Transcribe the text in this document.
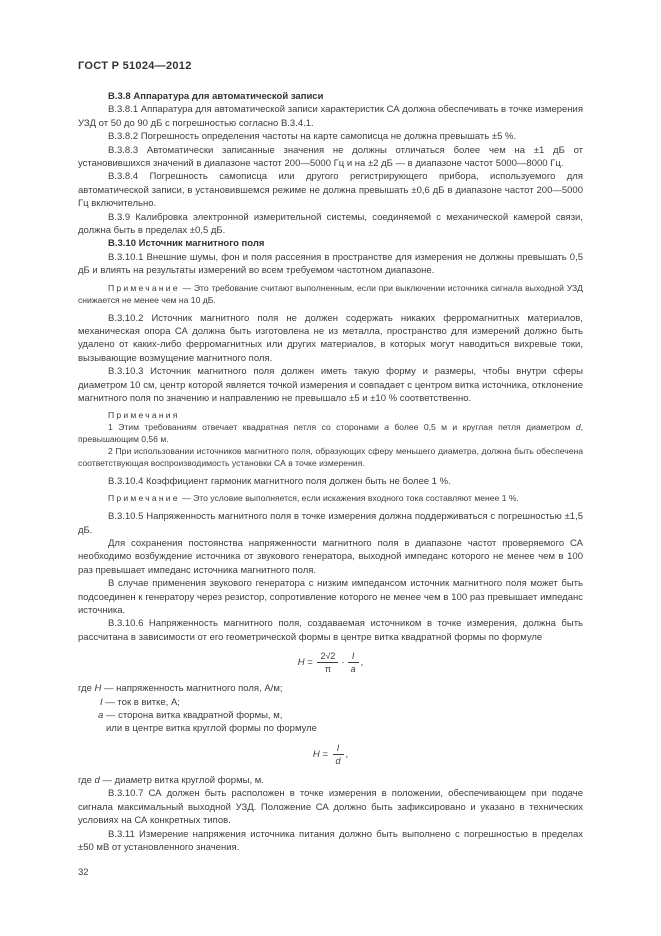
ГОСТ Р 51024—2012

В.3.8 Аппаратура для автоматической записи

В.3.8.1 Аппаратура для автоматической записи характеристик СА должна обеспечивать в точке измерения УЗД от 50 до 90 дБ с погрешностью согласно В.3.4.1.

В.3.8.2 Погрешность определения частоты на карте самописца не должна превышать ±5 %.

В.3.8.3 Автоматически записанные значения не должны отличаться более чем на ±1 дБ от установившихся значений в диапазоне частот 200—5000 Гц и на ±2 дБ — в диапазоне частот 5000—8000 Гц.

В.3.8.4 Погрешность самописца или другого регистрирующего прибора, используемого для автоматической записи, в установившемся режиме не должна превышать ±0,6 дБ в диапазоне частот 200—5000 Гц включительно.

В.3.9 Калибровка электронной измерительной системы, соединяемой с механической камерой связи, должна быть в пределах ±0,5 дБ.

В.3.10 Источник магнитного поля

В.3.10.1 Внешние шумы, фон и поля рассеяния в пространстве для измерения не должны превышать 0,5 дБ и влиять на результаты измерений во всем требуемом частотном диапазоне.

Примечание — Это требование считают выполненным, если при выключении источника сигнала выходной УЗД снижается не менее чем на 10 дБ.

В.3.10.2 Источник магнитного поля не должен содержать никаких ферромагнитных материалов, механическая опора СА должна быть изготовлена не из металла, пространство для измерений должно быть удалено от каких-либо ферромагнитных или других материалов, в которых могут наводиться вихревые токи, вызывающие возмущение магнитного поля.

В.3.10.3 Источник магнитного поля должен иметь такую форму и размеры, чтобы внутри сферы диаметром 10 см, центр которой является точкой измерения и совпадает с центром витка источника, отклонение магнитного поля по значению и направлению не превышало ±5 и ±10 % соответственно.

Примечания

1 Этим требованиям отвечает квадратная петля со сторонами a более 0,5 м и круглая петля диаметром d, превышающим 0,56 м.

2 При использовании источников магнитного поля, образующих сферу меньшего диаметра, должна быть обеспечена соответствующая воспроизводимость установки СА в точке измерения.

В.3.10.4 Коэффициент гармоник магнитного поля должен быть не более 1 %.

Примечание — Это условие выполняется, если искажения входного тока составляют менее 1 %.

В.3.10.5 Напряженность магнитного поля в точке измерения должна поддерживаться с погрешностью ±1,5 дБ.

Для сохранения постоянства напряженности магнитного поля в диапазоне частот проверяемого СА необходимо возбуждение источника от звукового генератора, выходной импеданс которого не менее чем в 100 раз превышает импеданс источника магнитного поля.

В случае применения звукового генератора с низким импедансом источник магнитного поля может быть подсоединен к генератору через резистор, сопротивление которого не менее чем в 100 раз превышает импеданс источника.

В.3.10.6 Напряженность магнитного поля, создаваемая источником в точке измерения, должна быть рассчитана в зависимости от его геометрической формы в центре витка квадратной формы по формуле

$H = \frac{2√2}{\pi} \cdot \frac{I}{a}$ ,

где H — напряженность магнитного поля, А/м;

I — ток в витке, А;

a — сторона витка квадратной формы, м,

или в центре витка круглой формы по формуле

$H = \frac{I}{d}$ ,

где d — диаметр витка круглой формы, м.

В.3.10.7 СА должен быть расположен в точке измерения в положении, обеспечивающем при подаче сигнала максимальный выходной УЗД. Положение СА должно быть зафиксировано и указано в технических условиях на СА конкретных типов.

В.3.11 Измерение напряжения источника питания должно быть выполнено с погрешностью в пределах ±50 мВ от установленного значения.

32
